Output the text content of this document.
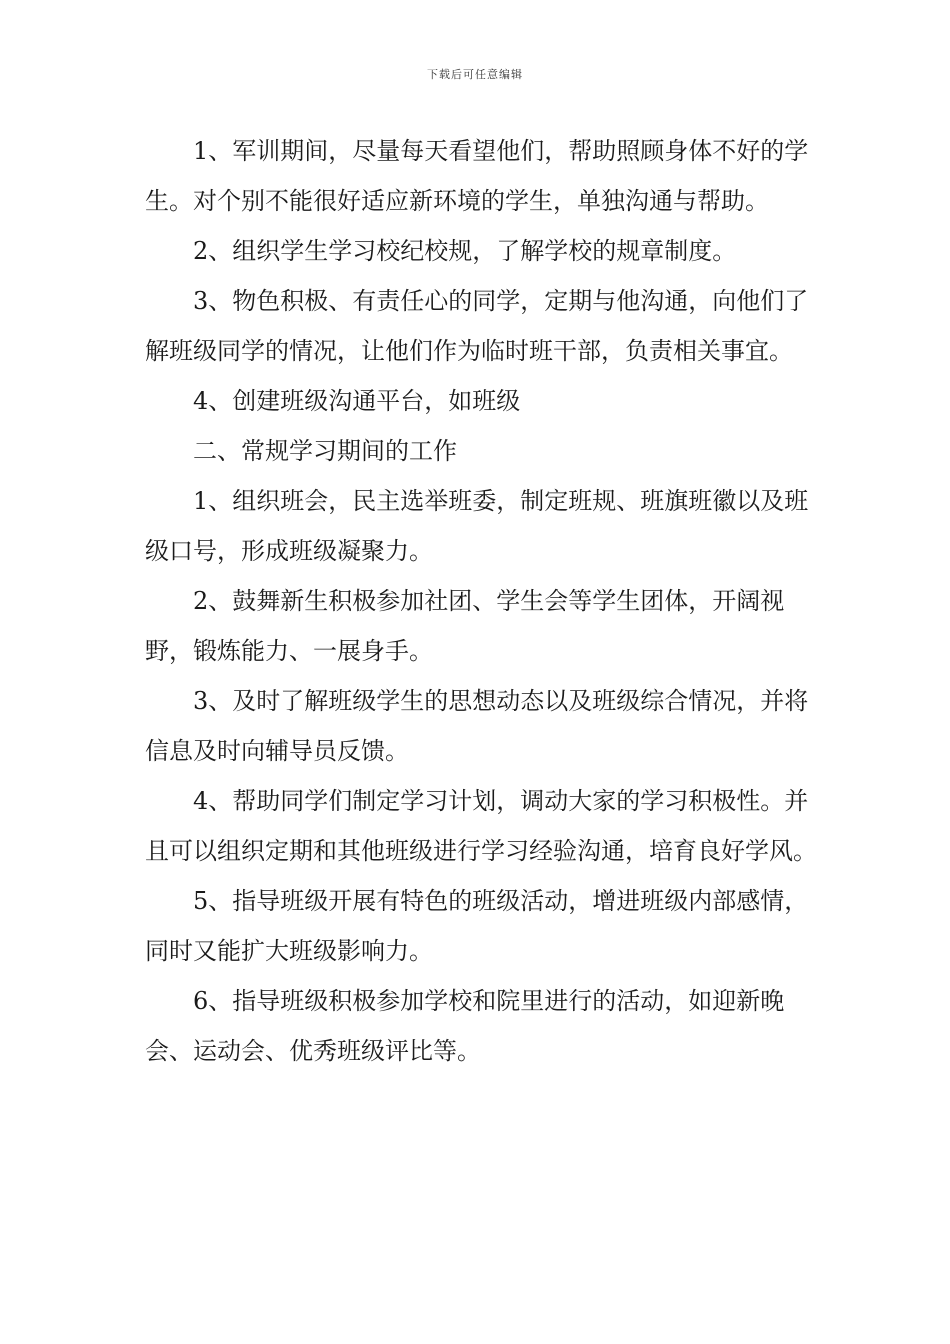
下载后可任意编辑

1、军训期间，尽量每天看望他们，帮助照顾身体不好的学生。对个别不能很好适应新环境的学生，单独沟通与帮助。

2、组织学生学习校纪校规，了解学校的规章制度。

3、物色积极、有责任心的同学，定期与他沟通，向他们了解班级同学的情况，让他们作为临时班干部，负责相关事宜。

4、创建班级沟通平台，如班级

二、常规学习期间的工作

1、组织班会，民主选举班委，制定班规、班旗班徽以及班级口号，形成班级凝聚力。

2、鼓舞新生积极参加社团、学生会等学生团体，开阔视野，锻炼能力、一展身手。

3、及时了解班级学生的思想动态以及班级综合情况，并将信息及时向辅导员反馈。

4、帮助同学们制定学习计划，调动大家的学习积极性。并且可以组织定期和其他班级进行学习经验沟通，培育良好学风。

5、指导班级开展有特色的班级活动，增进班级内部感情，同时又能扩大班级影响力。

6、指导班级积极参加学校和院里进行的活动，如迎新晚会、运动会、优秀班级评比等。
